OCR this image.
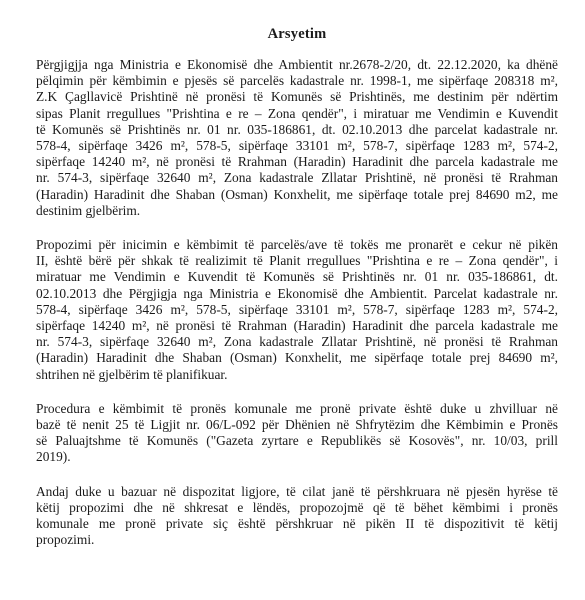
Arsyetim
Përgjigjja nga Ministria e Ekonomisë dhe Ambientit nr.2678-2/20, dt. 22.12.2020, ka dhënë
pëlqimin për këmbimin e pjesës së parcelës kadastrale nr. 1998-1, me sipërfaqe 208318 m²,
Z.K Çagllavicë Prishtinë në pronësi të Komunës së Prishtinës, me destinim për ndërtim
sipas Planit rregullues "Prishtina e re – Zona qendër", i miratuar me Vendimin e Kuvendit
të Komunës së Prishtinës nr. 01 nr. 035-186861, dt. 02.10.2013 dhe parcelat kadastrale nr.
578-4, sipërfaqe 3426 m², 578-5, sipërfaqe 33101 m², 578-7, sipërfaqe 1283 m², 574-2,
sipërfaqe 14240 m², në pronësi të Rrahman (Haradin) Haradinit dhe parcela kadastrale me
nr. 574-3, sipërfaqe 32640 m², Zona kadastrale Zllatar Prishtinë, në pronësi të Rrahman
(Haradin) Haradinit dhe Shaban (Osman) Konxhelit, me sipërfaqe totale prej 84690 m2, me
destinim gjelbërim.
Propozimi për inicimin e këmbimit të parcelës/ave të tokës me pronarët e cekur në pikën
II, është bërë për shkak të realizimit të Planit rregullues "Prishtina e re – Zona qendër", i
miratuar me Vendimin e Kuvendit të Komunës së Prishtinës nr. 01 nr. 035-186861, dt.
02.10.2013 dhe Përgjigja nga Ministria e Ekonomisë dhe Ambientit. Parcelat kadastrale nr.
578-4, sipërfaqe 3426 m², 578-5, sipërfaqe 33101 m², 578-7, sipërfaqe 1283 m², 574-2,
sipërfaqe 14240 m², në pronësi të Rrahman (Haradin) Haradinit dhe parcela kadastrale me
nr. 574-3, sipërfaqe 32640 m², Zona kadastrale Zllatar Prishtinë, në pronësi të Rrahman
(Haradin) Haradinit dhe Shaban (Osman) Konxhelit, me sipërfaqe totale prej 84690 m²,
shtrihen në gjelbërim të planifikuar.
Procedura e këmbimit të pronës komunale me pronë private është duke u zhvilluar në
bazë të nenit 25 të Ligjit nr. 06/L-092 për Dhënien në Shfrytëzim dhe Këmbimin e Pronës
së Paluajtshme të Komunës ("Gazeta zyrtare e Republikës së Kosovës", nr. 10/03, prill
2019).
Andaj duke u bazuar në dispozitat ligjore, të cilat janë të përshkruara në pjesën hyrëse të
këtij propozimi dhe në shkresat e lëndës, propozojmë që të bëhet këmbimi i pronës
komunale me pronë private siç është përshkruar në pikën II të dispozitivit të këtij
propozimi.
